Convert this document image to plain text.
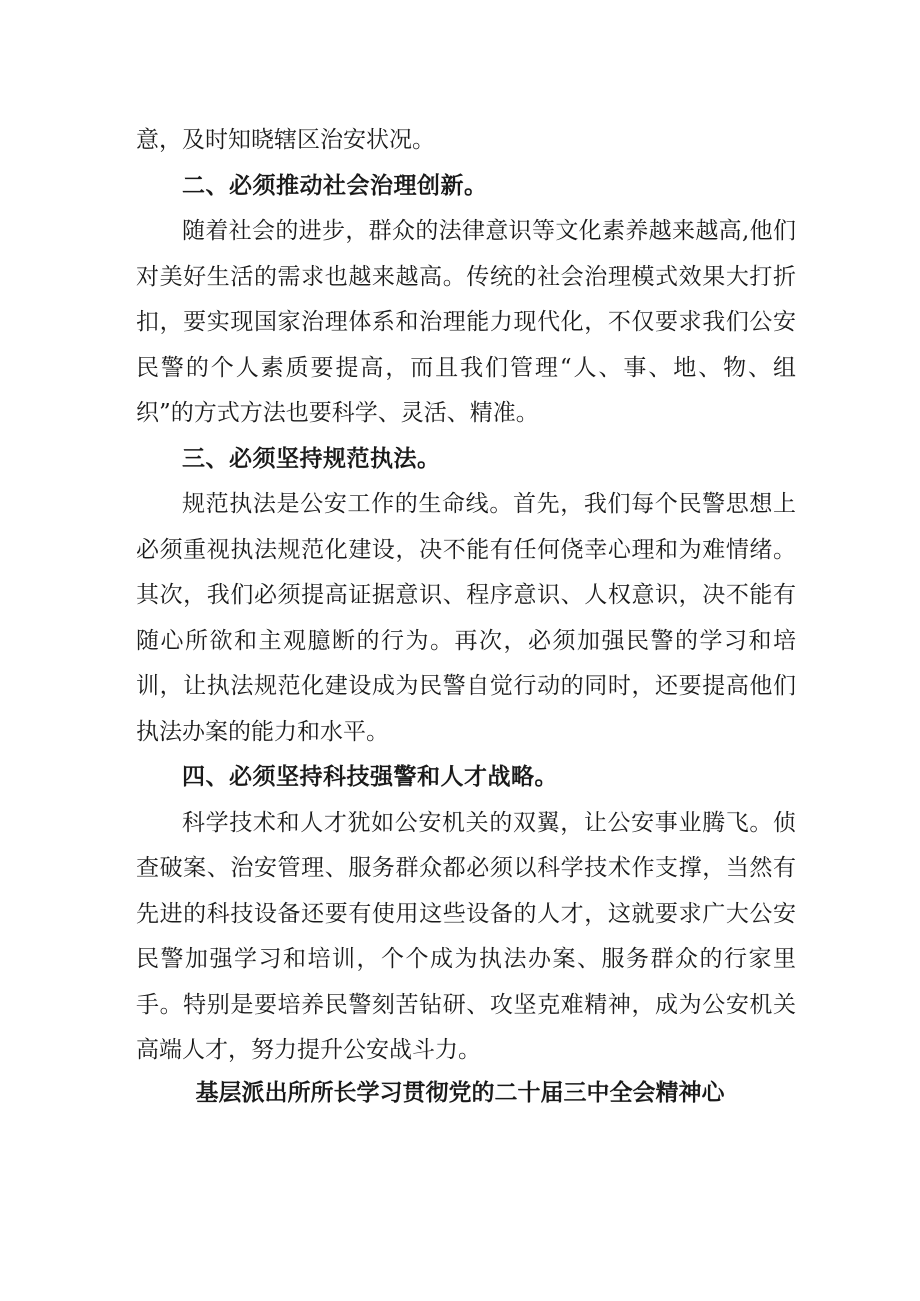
意，及时知晓辖区治安状况。

二、必须推动社会治理创新。

随着社会的进步，群众的法律意识等文化素养越来越高,他们对美好生活的需求也越来越高。传统的社会治理模式效果大打折扣，要实现国家治理体系和治理能力现代化，不仅要求我们公安民警的个人素质要提高，而且我们管理“人、事、地、物、组织”的方式方法也要科学、灵活、精准。

三、必须坚持规范执法。

规范执法是公安工作的生命线。首先，我们每个民警思想上必须重视执法规范化建设，决不能有任何侥幸心理和为难情绪。其次，我们必须提高证据意识、程序意识、人权意识，决不能有随心所欲和主观臆断的行为。再次，必须加强民警的学习和培训，让执法规范化建设成为民警自觉行动的同时，还要提高他们执法办案的能力和水平。

四、必须坚持科技强警和人才战略。

科学技术和人才犹如公安机关的双翼，让公安事业腾飞。侦查破案、治安管理、服务群众都必须以科学技术作支撑，当然有先进的科技设备还要有使用这些设备的人才，这就要求广大公安民警加强学习和培训，个个成为执法办案、服务群众的行家里手。特别是要培养民警刻苦钻研、攻坚克难精神，成为公安机关高端人才，努力提升公安战斗力。

基层派出所所长学习贯彻党的二十届三中全会精神心
